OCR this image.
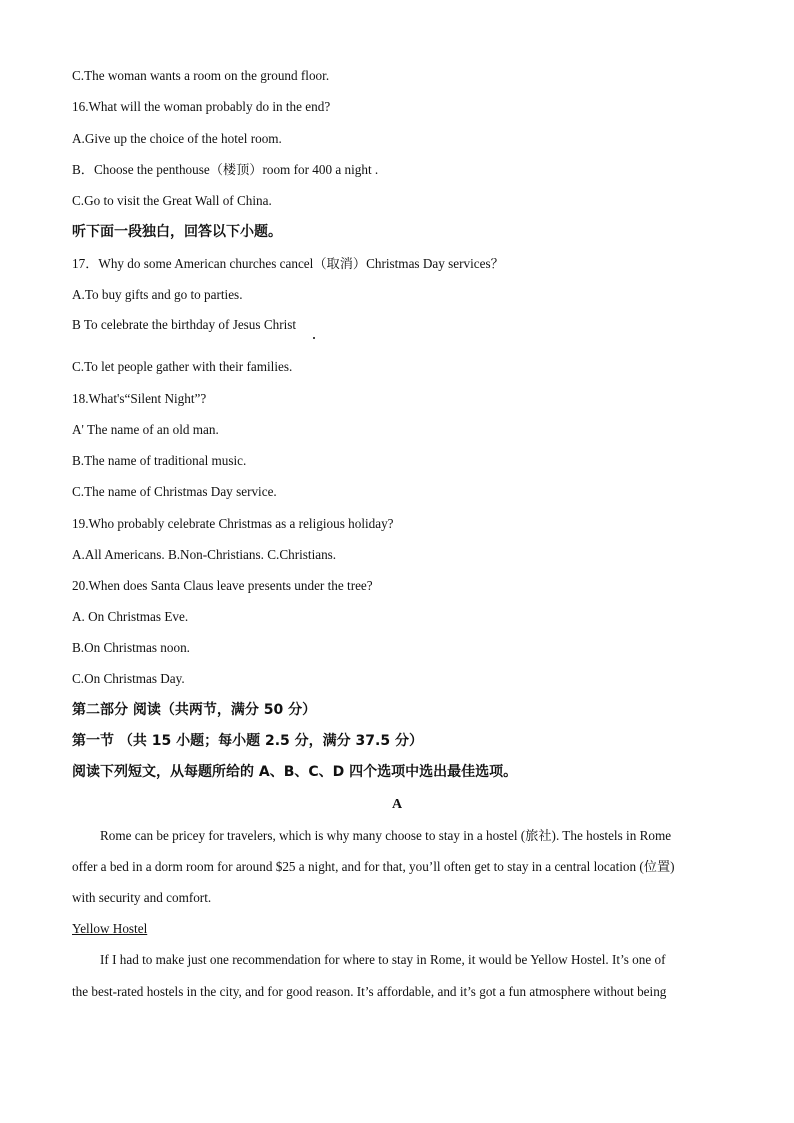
C.The woman wants a room on the ground floor.
16.What will the woman probably do in the end?
A.Give up the choice of the hotel room.
B．Choose the penthouse（楼顶）room for 400 a night .
C.Go to visit the Great Wall of China.
听下面一段独白，回答以下小题。
17．Why do some American churches cancel（取消）Christmas Day services？
A.To buy gifts and go to parties.
B To celebrate the birthday of Jesus Christ
C.To let people gather with their families.
18.What's“Silent Night”?
A' The name of an old man.
B.The name of traditional music.
C.The name of Christmas Day service.
19.Who probably celebrate Christmas as a religious holiday?
A.All Americans. B.Non-Christians. C.Christians.
20.When does Santa Claus leave presents under the tree?
A. On Christmas Eve.
B.On Christmas noon.
C.On Christmas Day.
第二部分 阅读（共两节，满分 50 分）
第一节 （共 15 小题；每小题 2.5 分，满分 37.5 分）
阅读下列短文，从每题所给的 A、B、C、D 四个选项中选出最佳选项。
A
Rome can be pricey for travelers, which is why many choose to stay in a hostel (旅社). The hostels in Rome
offer a bed in a dorm room for around $25 a night, and for that, you’ll often get to stay in a central location (位置)
with security and comfort.
Yellow Hostel
If I had to make just one recommendation for where to stay in Rome, it would be Yellow Hostel. It’s one of
the best-rated hostels in the city, and for good reason. It’s affordable, and it’s got a fun atmosphere without being
